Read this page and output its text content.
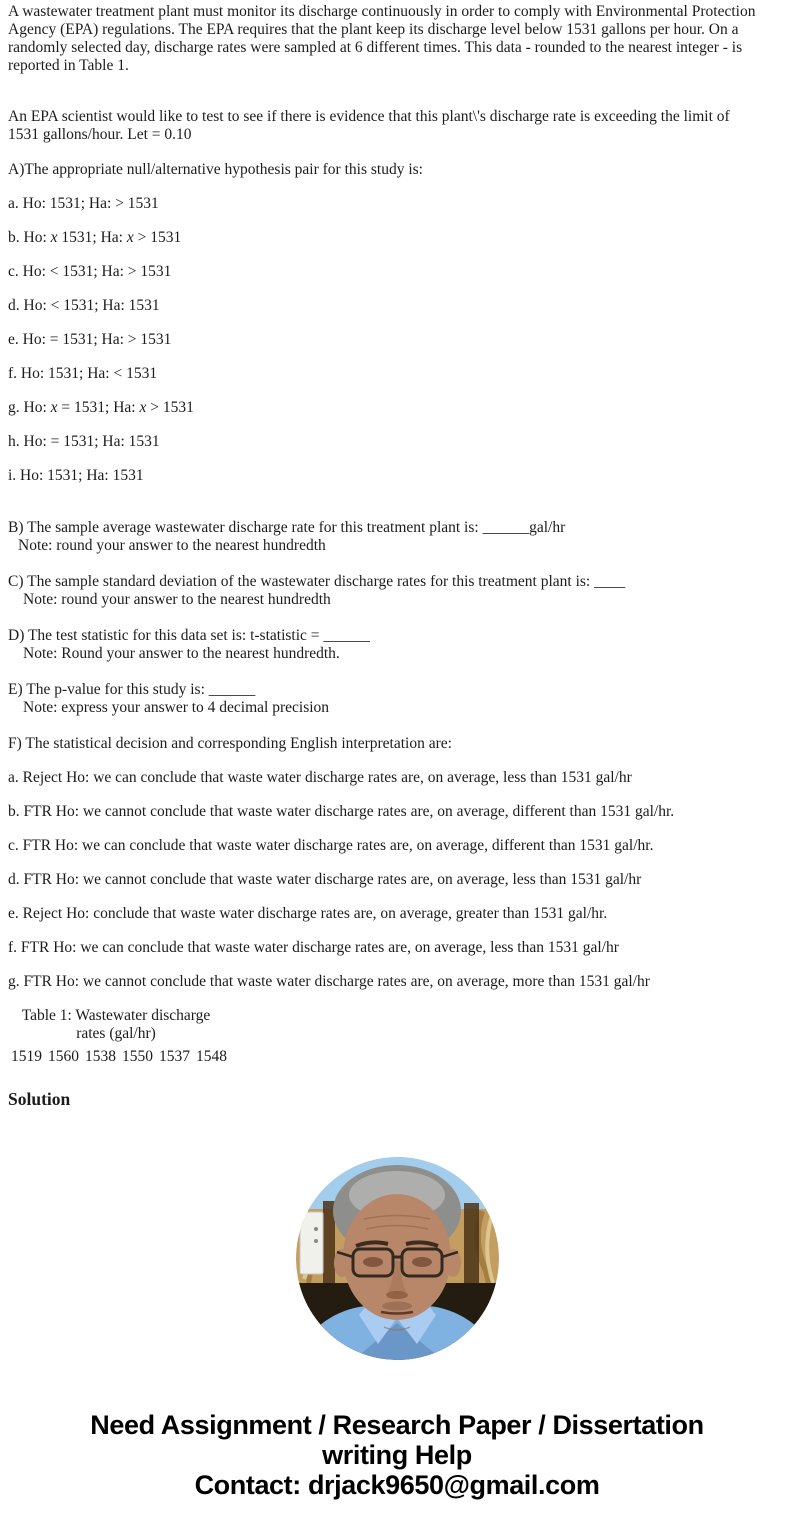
A wastewater treatment plant must monitor its discharge continuously in order to comply with Environmental Protection
Agency (EPA) regulations. The EPA requires that the plant keep its discharge level below 1531 gallons per hour. On a
randomly selected day, discharge rates were sampled at 6 different times. This data - rounded to the nearest integer - is
reported in Table 1.

An EPA scientist would like to test to see if there is evidence that this plant\'s discharge rate is exceeding the limit of
1531 gallons/hour. Let = 0.10

A)The appropriate null/alternative hypothesis pair for this study is:

a. Ho: 1531; Ha: > 1531

b. Ho: x 1531; Ha: x > 1531

c. Ho: < 1531; Ha: > 1531

d. Ho: < 1531; Ha: 1531

e. Ho: = 1531; Ha: > 1531

f. Ho: 1531; Ha: < 1531

g. Ho: x = 1531; Ha: x > 1531

h. Ho: = 1531; Ha: 1531

i. Ho: 1531; Ha: 1531

B) The sample average wastewater discharge rate for this treatment plant is: ______gal/hr

Note: round your answer to the nearest hundredth

C) The sample standard deviation of the wastewater discharge rates for this treatment plant is: ____

Note: round your answer to the nearest hundredth

D) The test statistic for this data set is: t-statistic = ______

Note: Round your answer to the nearest hundredth.

E) The p-value for this study is: ______

Note: express your answer to 4 decimal precision

F) The statistical decision and corresponding English interpretation are:

a. Reject Ho: we can conclude that waste water discharge rates are, on average, less than 1531 gal/hr

b. FTR Ho: we cannot conclude that waste water discharge rates are, on average, different than 1531 gal/hr.

c. FTR Ho: we can conclude that waste water discharge rates are, on average, different than 1531 gal/hr.

d. FTR Ho: we cannot conclude that waste water discharge rates are, on average, less than 1531 gal/hr

e. Reject Ho: conclude that waste water discharge rates are, on average, greater than 1531 gal/hr.

f. FTR Ho: we can conclude that waste water discharge rates are, on average, less than 1531 gal/hr

g. FTR Ho: we cannot conclude that waste water discharge rates are, on average, more than 1531 gal/hr

Table 1: Wastewater discharge
rates (gal/hr)
1519 1560 1538 1550 1537 1548
Solution
Need Assignment / Research Paper / Dissertation
writing Help
Contact: drjack9650@gmail.com
